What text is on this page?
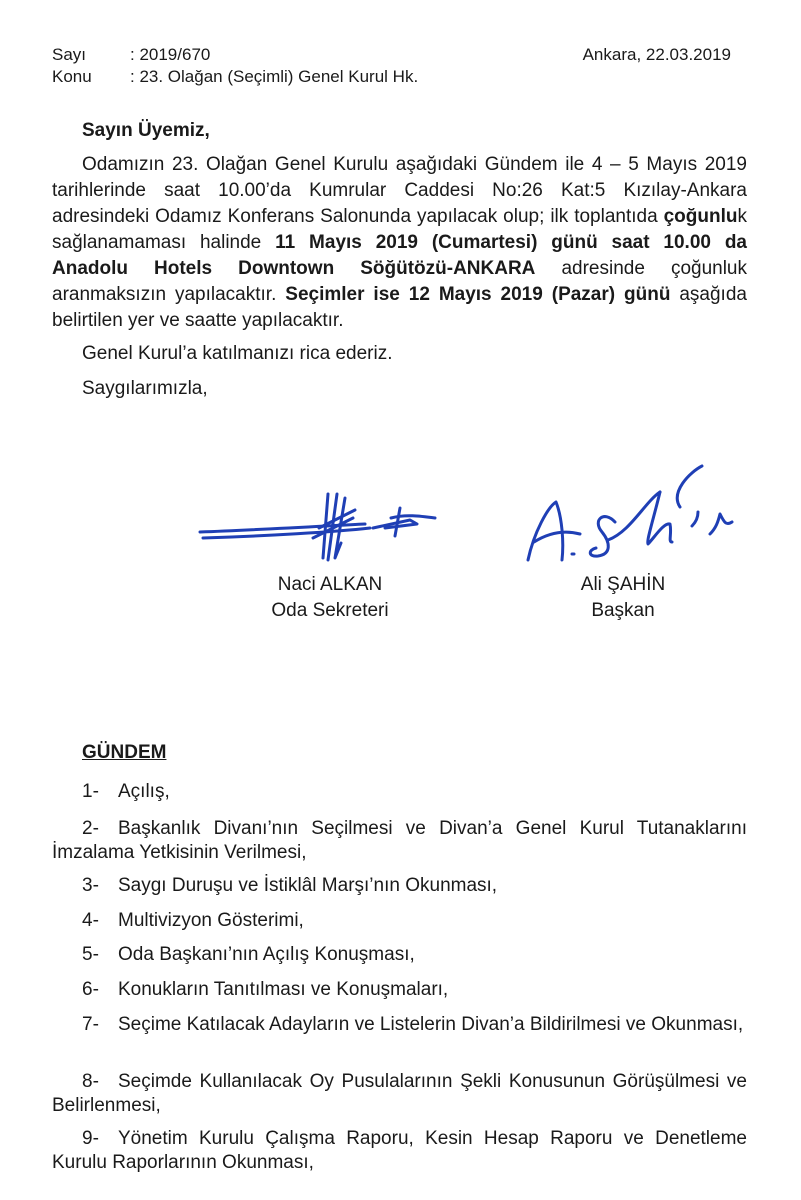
Sayı	: 2019/670	Ankara, 22.03.2019
Konu : 23. Olağan (Seçimli) Genel Kurul Hk.
Sayın Üyemiz,
Odamızın 23. Olağan Genel Kurulu aşağıdaki Gündem ile 4 – 5 Mayıs 2019 tarihlerinde saat 10.00’da Kumrular Caddesi No:26 Kat:5 Kızılay-Ankara adresindeki Odamız Konferans Salonunda yapılacak olup; ilk toplantıda çoğunluk sağlanamaması halinde 11 Mayıs 2019 (Cumartesi) günü saat 10.00 da Anadolu Hotels Downtown Söğütözü-ANKARA adresinde çoğunluk aranmaksızın yapılacaktır. Seçimler ise 12 Mayıs 2019 (Pazar) günü aşağıda belirtilen yer ve saatte yapılacaktır.
Genel Kurul’a katılmanızı rica ederiz.
Saygılarımızla,
Naci ALKAN
Oda Sekreteri
Ali ŞAHİN
Başkan
GÜNDEM
1- Açılış,
2- Başkanlık Divanı’nın Seçilmesi ve Divan’a Genel Kurul Tutanaklarını İmzalama Yetkisinin Verilmesi,
3- Saygı Duruşu ve İstiklâl Marşı’nın Okunması,
4- Multivizyon Gösterimi,
5- Oda Başkanı’nın Açılış Konuşması,
6- Konukların Tanıtılması ve Konuşmaları,
7- Seçime Katılacak Adayların ve Listelerin Divan’a Bildirilmesi ve Okunması,
8- Seçimde Kullanılacak Oy Pusulalarının Şekli Konusunun Görüşülmesi ve Belirlenmesi,
9- Yönetim Kurulu Çalışma Raporu, Kesin Hesap Raporu ve Denetleme Kurulu Raporlarının Okunması,
